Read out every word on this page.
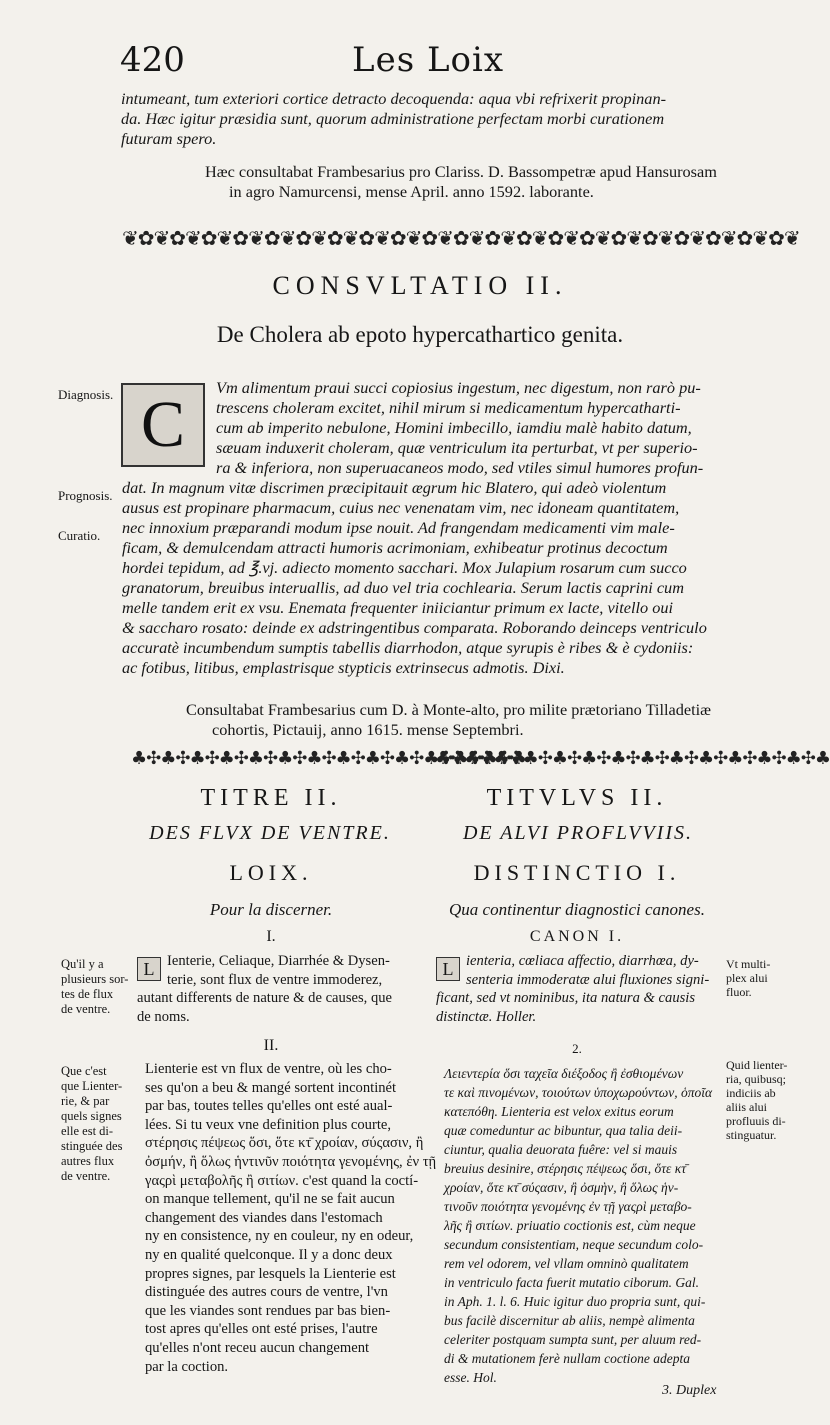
420	Les Loix
intumeant, tum exteriori cortice detracto decoquenda: aqua vbi refrixerit propinan-
da. Hæc igitur præsidia sunt, quorum administratione perfectam morbi curationem
futuram spero.
Hæc consultabat Frambesarius pro Clariss. D. Bassompetræ apud Hansurosam
in agro Namurcensi, mense April. anno 1592. laborante.
❦✿❦✿❦✿❦✿❦✿❦✿❦✿❦✿❦✿❦✿❦✿❦✿❦✿❦✿❦✿❦✿❦✿❦✿❦✿❦✿❦✿❦
CONSVLTATIO II.
De Cholera ab epoto hypercathartico genita.
Diagnosis.
Prognosis.
Curatio.
C
Vm alimentum praui succi copiosius ingestum, nec digestum, non rarò pu-
trescens choleram excitet, nihil mirum si medicamentum hypercatharti-
cum ab imperito nebulone, Homini imbecillo, iamdiu malè habito datum,
sæuam induxerit choleram, quæ ventriculum ita perturbat, vt per superio-
ra & inferiora, non superuacaneos modo, sed vtiles simul humores profun-
dat. In magnum vitæ discrimen præcipitauit ægrum hic Blatero, qui adeò violentum
ausus est propinare pharmacum, cuius nec venenatam vim, nec idoneam quantitatem,
nec innoxium præparandi modum ipse nouit. Ad frangendam medicamenti vim male-
ficam, & demulcendam attracti humoris acrimoniam, exhibeatur protinus decoctum
hordei tepidum, ad ℥.vj. adiecto momento sacchari. Mox Julapium rosarum cum succo
granatorum, breuibus interuallis, ad duo vel tria cochlearia. Serum lactis caprini cum
melle tandem erit ex vsu. Enemata frequenter iniiciantur primum ex lacte, vitello oui
& saccharo rosato: deinde ex adstringentibus comparata. Roborando deinceps ventriculo
accuratè incumbendum sumptis tabellis diarrhodon, atque syrupis è ribes & è cydoniis:
ac fotibus, litibus, emplastrisque stypticis extrinsecus admotis. Dixi.
Consultabat Frambesarius cum D. à Monte-alto, pro milite prætoriano Tilladetiæ
cohortis, Pictauij, anno 1615. mense Septembri.
♣✣♣✣♣✣♣✣♣✣♣✣♣✣♣✣♣✣♣✣♣✣♣✣♣✣♣
♣✣♣✣♣✣♣✣♣✣♣✣♣✣♣✣♣✣♣✣♣✣♣✣♣✣♣
TITRE II.
DES FLVX DE VENTRE.
LOIX.
Pour la discerner.
I.
Qu'il y a
plusieurs sor-
tes de flux
de ventre.
L Ienterie, Celiaque, Diarrhée & Dysen-
terie, sont flux de ventre immoderez,
autant differents de nature & de causes, que
de noms.
II.
Que c'est
que Lienter-
rie, & par
quels signes
elle est di-
stinguée des
autres flux
de ventre.
Lienterie est vn flux de ventre, où les cho-
ses qu'on a beu & mangé sortent incontinét
par bas, toutes telles qu'elles ont esté aual-
lées. Si tu veux vne definition plus courte,
στέρησις πέψεως ὅσι, ὅτε κτ̄ χροίαν, σύςασιν, ἢ
ὀσμήν, ἢ ὅλως ἡντινῦν ποιότητα γενομένης, ἐν τῇ
γαςρὶ μεταβολῆς ἢ σιτίων. c'est quand la coctí-
on manque tellement, qu'il ne se fait aucun
changement des viandes dans l'estomach
ny en consistence, ny en couleur, ny en odeur,
ny en qualité quelconque. Il y a donc deux
propres signes, par lesquels la Lienterie est
distinguée des autres cours de ventre, l'vn
que les viandes sont rendues par bas bien-
tost apres qu'elles ont esté prises, l'autre
qu'elles n'ont receu aucun changement
par la coction.
TITVLVS II.
DE ALVI PROFLVVIIS.
DISTINCTIO I.
Qua continentur diagnostici canones.
CANON I.
L ienteria, cœliaca affectio, diarrhœa, dy-
senteria immoderatæ alui fluxiones signi-
ficant, sed vt nominibus, ita natura & causis
distinctæ. Holler.
Vt multi-
plex alui
fluor.
2.
Quid lienter-
ria, quibusq;
indiciis ab
aliis alui
profluuis di-
stinguatur.
Λειεντερία ὅσι ταχεῖα διέξοδος ἢ ἐσθιομένων
τε καὶ πινομένων, τοιούτων ὑποχωρούντων, ὁποῖα
κατεπόθη. Lienteria est velox exitus eorum
quæ comeduntur ac bibuntur, qua talia deii-
ciuntur, qualia deuorata fuêre: vel si mauis
breuius desinire, στέρησις πέψεως ὅσι, ὅτε κτ̄
χροίαν, ὅτε κτ̄ σύςασιν, ἢ ὀσμὴν, ἢ ὅλως ἡν-
τινοῦν ποιότητα γενομένης ἐν τῇ γαςρὶ μεταβο-
λῆς ἢ σιτίων. priuatio coctionis est, cùm neque
secundum consistentiam, neque secundum colo-
rem vel odorem, vel vllam omninò qualitatem
in ventriculo facta fuerit mutatio ciborum. Gal.
in Aph. 1. l. 6. Huic igitur duo propria sunt, qui-
bus facilè discernitur ab aliis, nempè alimenta
celeriter postquam sumpta sunt, per aluum red-
di & mutationem ferè nullam coctione adepta
esse. Hol.
3. Duplex
